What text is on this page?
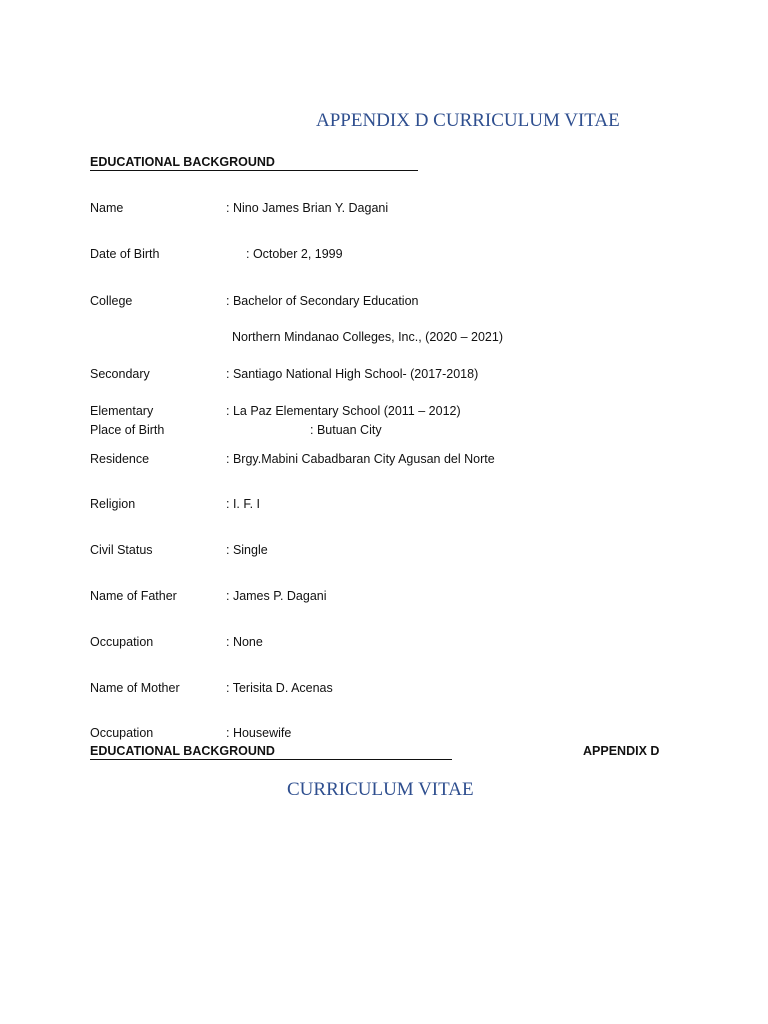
APPENDIX D CURRICULUM VITAE
EDUCATIONAL BACKGROUND
Name	: Nino James Brian Y. Dagani
Date of Birth	: October 2, 1999
College	: Bachelor of Secondary Education
Northern Mindanao Colleges, Inc., (2020 – 2021)
Secondary	: Santiago National High School- (2017-2018)
Elementary	: La Paz Elementary School (2011 – 2012)
Place of Birth	: Butuan City
Residence	: Brgy.Mabini Cabadbaran City Agusan del Norte
Religion	: I. F. I
Civil Status	: Single
Name of Father	: James P. Dagani
Occupation	: None
Name of Mother	: Terisita D. Acenas
Occupation	: Housewife
EDUCATIONAL BACKGROUND	APPENDIX D
CURRICULUM VITAE
